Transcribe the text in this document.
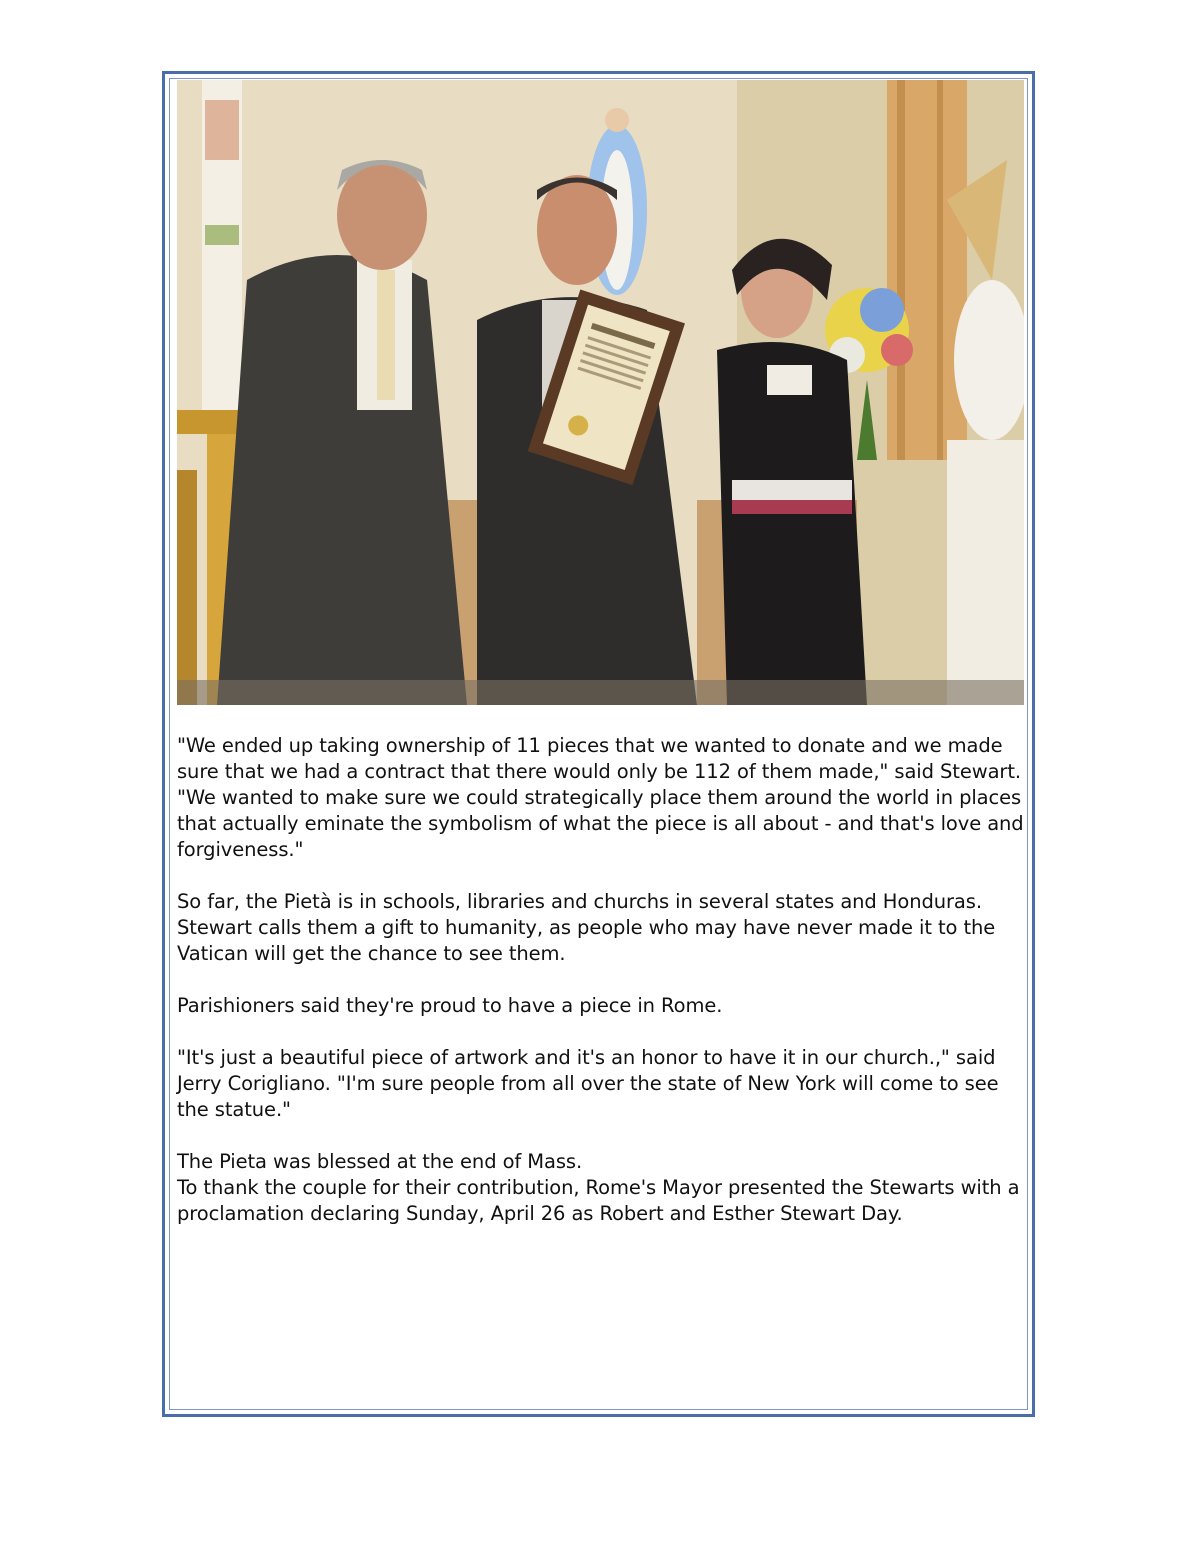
"We ended up taking ownership of 11 pieces that we wanted to donate and we made
sure that we had a contract that there would only be 112 of them made," said Stewart.
"We wanted to make sure we could strategically place them around the world in places
that actually eminate the symbolism of what the piece is all about - and that's love and
forgiveness."

So far, the Pietà is in schools, libraries and churchs in several states and Honduras.
Stewart calls them a gift to humanity, as people who may have never made it to the
Vatican will get the chance to see them.

Parishioners said they're proud to have a piece in Rome.

"It's just a beautiful piece of artwork and it's an honor to have it in our church.," said
Jerry Corigliano. "I'm sure people from all over the state of New York will come to see
the statue."

The Pieta was blessed at the end of Mass.

To thank the couple for their contribution, Rome's Mayor presented the Stewarts with a
proclamation declaring Sunday, April 26 as Robert and Esther Stewart Day.
